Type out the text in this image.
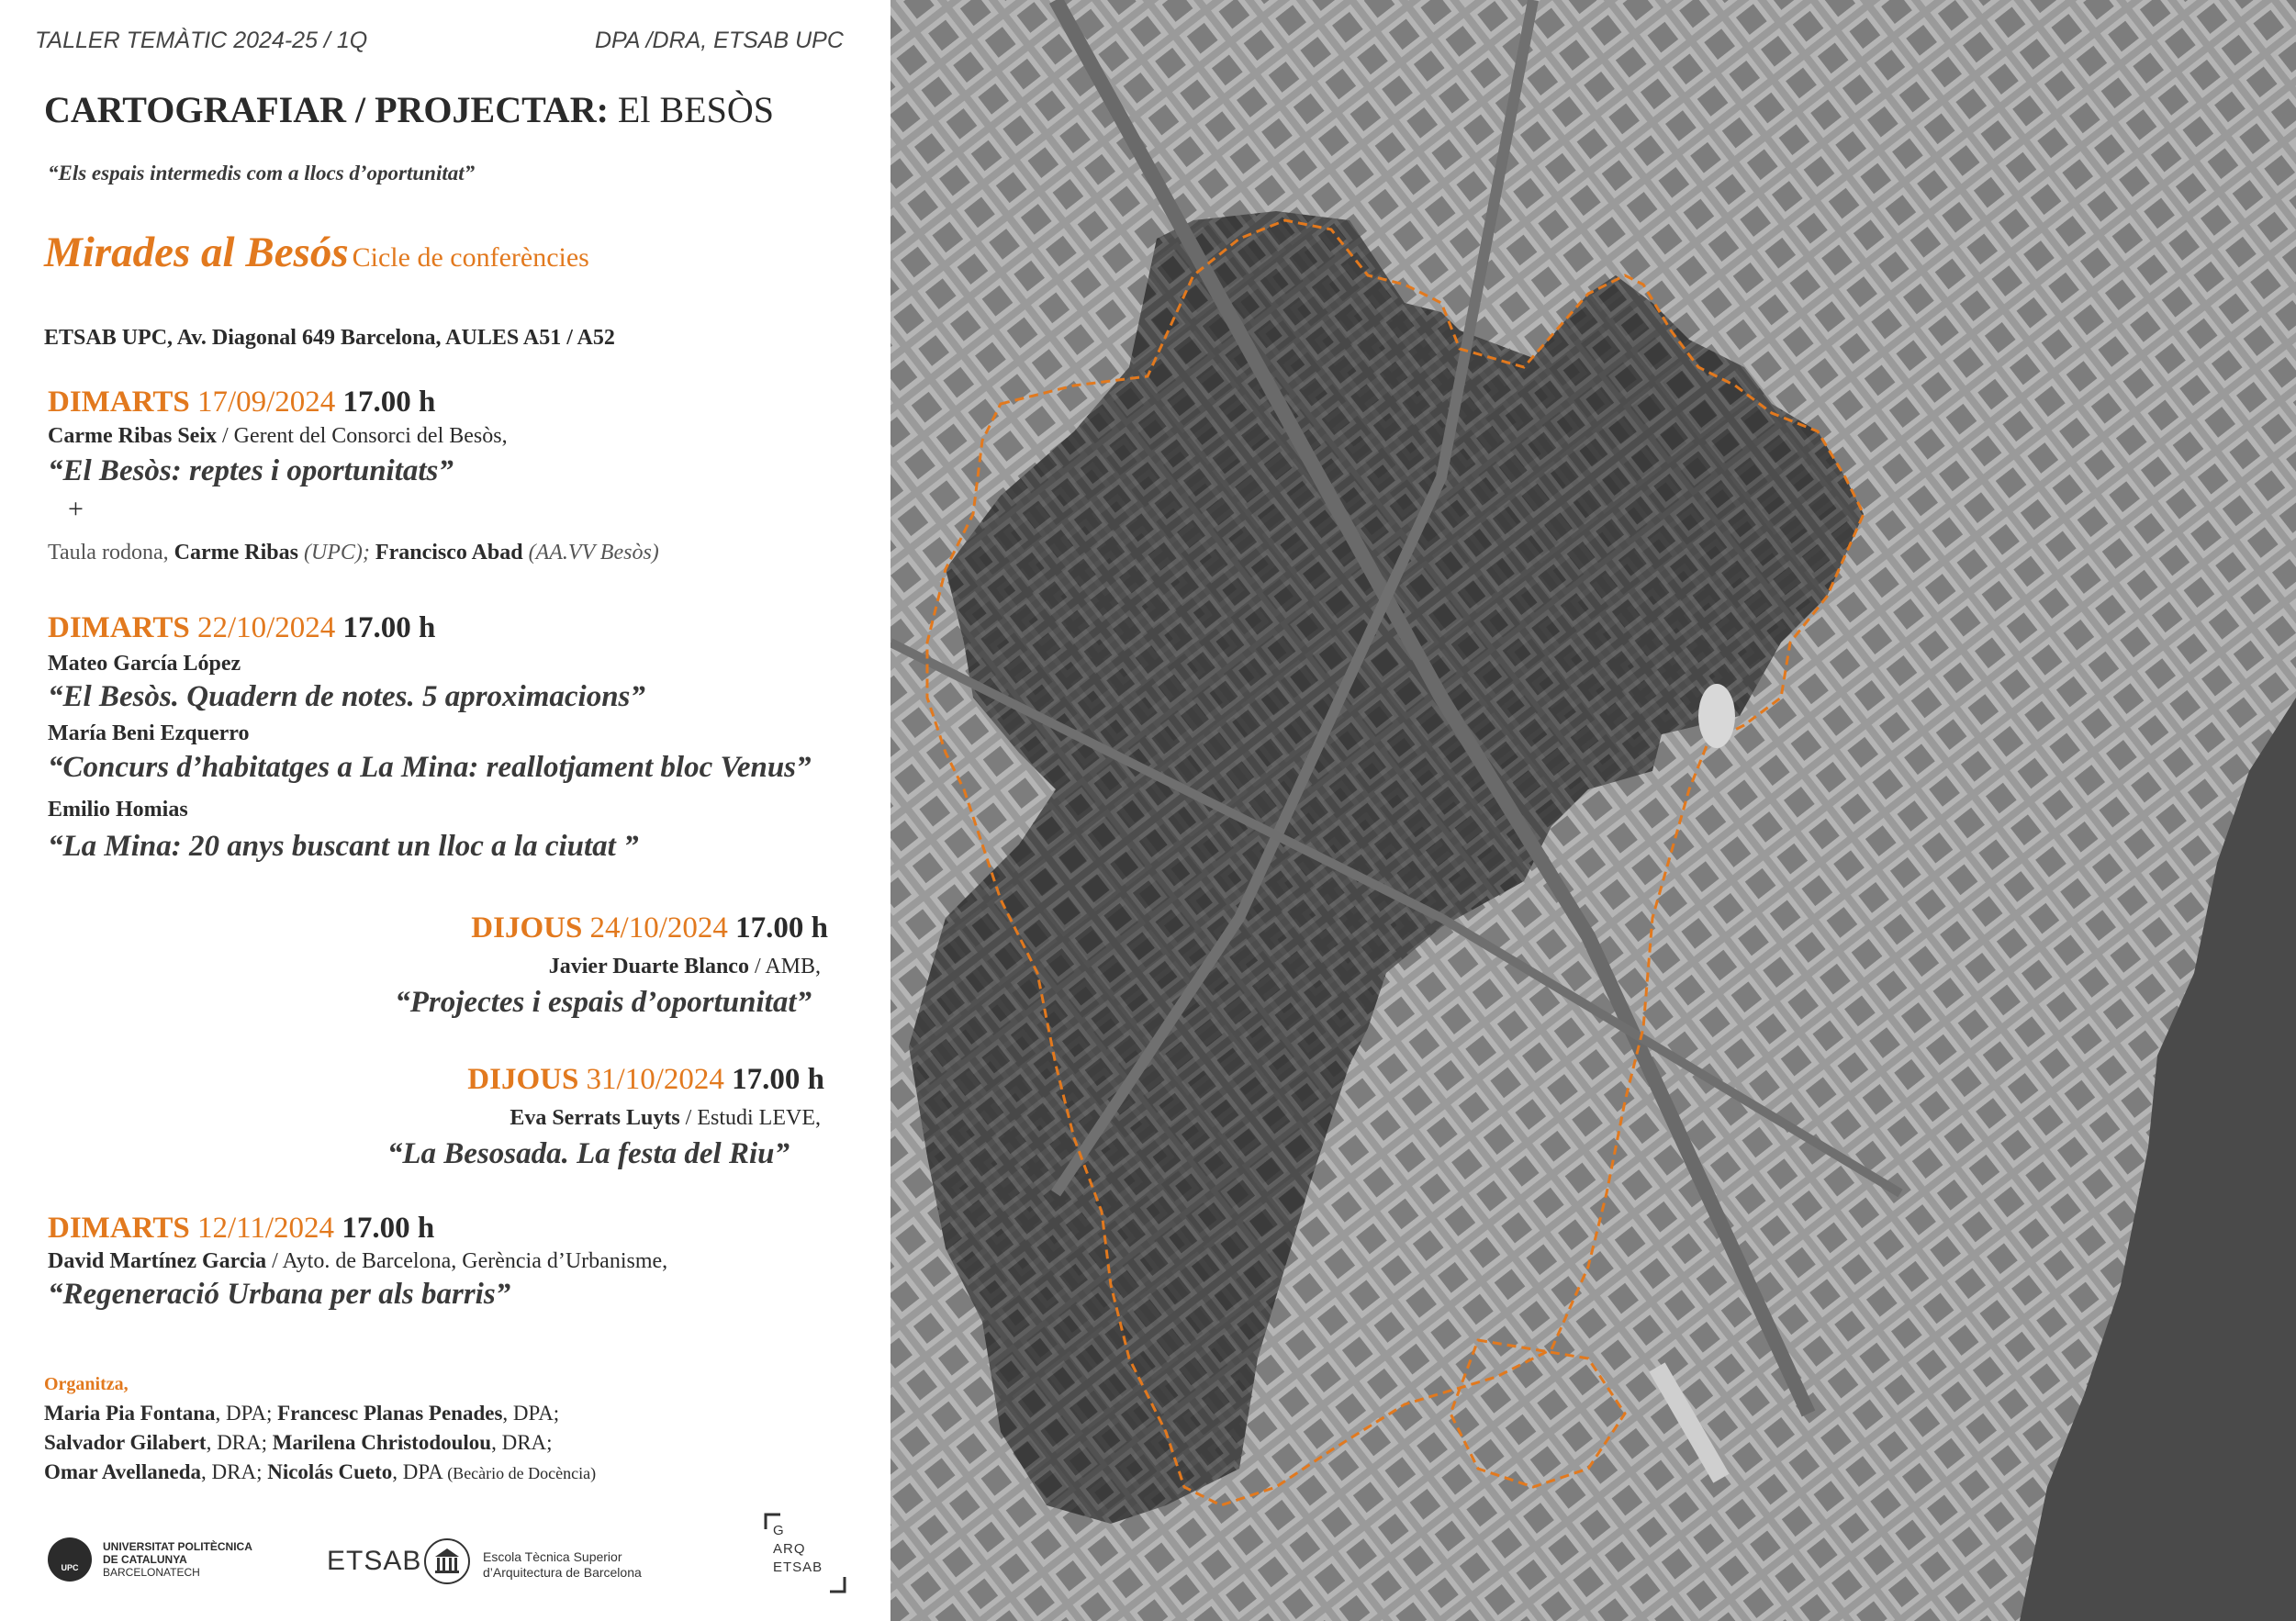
TALLER TEMÀTIC 2024-25 / 1Q	DPA /DRA, ETSAB UPC
CARTOGRAFIAR / PROJECTAR: El BESÒS
“Els espais intermedis com a llocs d’oportunitat”
Mirades al Besós Cicle de conferències
ETSAB UPC, Av. Diagonal 649 Barcelona, AULES A51 / A52
DIMARTS 17/09/2024 17.00 h
Carme Ribas Seix / Gerent del Consorci del Besòs,
“El Besòs: reptes i oportunitats”
+
Taula rodona, Carme Ribas (UPC); Francisco Abad (AA.VV Besòs)
DIMARTS 22/10/2024 17.00 h
Mateo García López
“El Besòs. Quadern de notes. 5 aproximacions”
María Beni Ezquerro
“Concurs d’habitatges a La Mina: reallotjament bloc Venus”
Emilio Homias
“La Mina: 20 anys buscant un lloc a la ciutat ”
DIJOUS 24/10/2024 17.00 h
Javier Duarte Blanco / AMB,
“Projectes i espais d’oportunitat”
DIJOUS 31/10/2024 17.00 h
Eva Serrats Luyts / Estudi LEVE,
“La Besosada. La festa del Riu”
DIMARTS 12/11/2024 17.00 h
David Martínez Garcia / Ayto. de Barcelona, Gerència d’Urbanisme,
“Regeneració Urbana per als barris”
Organitza,
Maria Pia Fontana, DPA; Francesc Planas Penades, DPA;
Salvador Gilabert, DRA; Marilena Christodoulou, DRA;
Omar Avellaneda, DRA; Nicolás Cueto, DPA (Becàrio de Docència)
UPC
UNIVERSITAT POLITÈCNICA
DE CATALUNYA
BARCELONATECH	ETSAB	Escola Tècnica Superior
d’Arquitectura de Barcelona
G
ARQ
ETSAB
